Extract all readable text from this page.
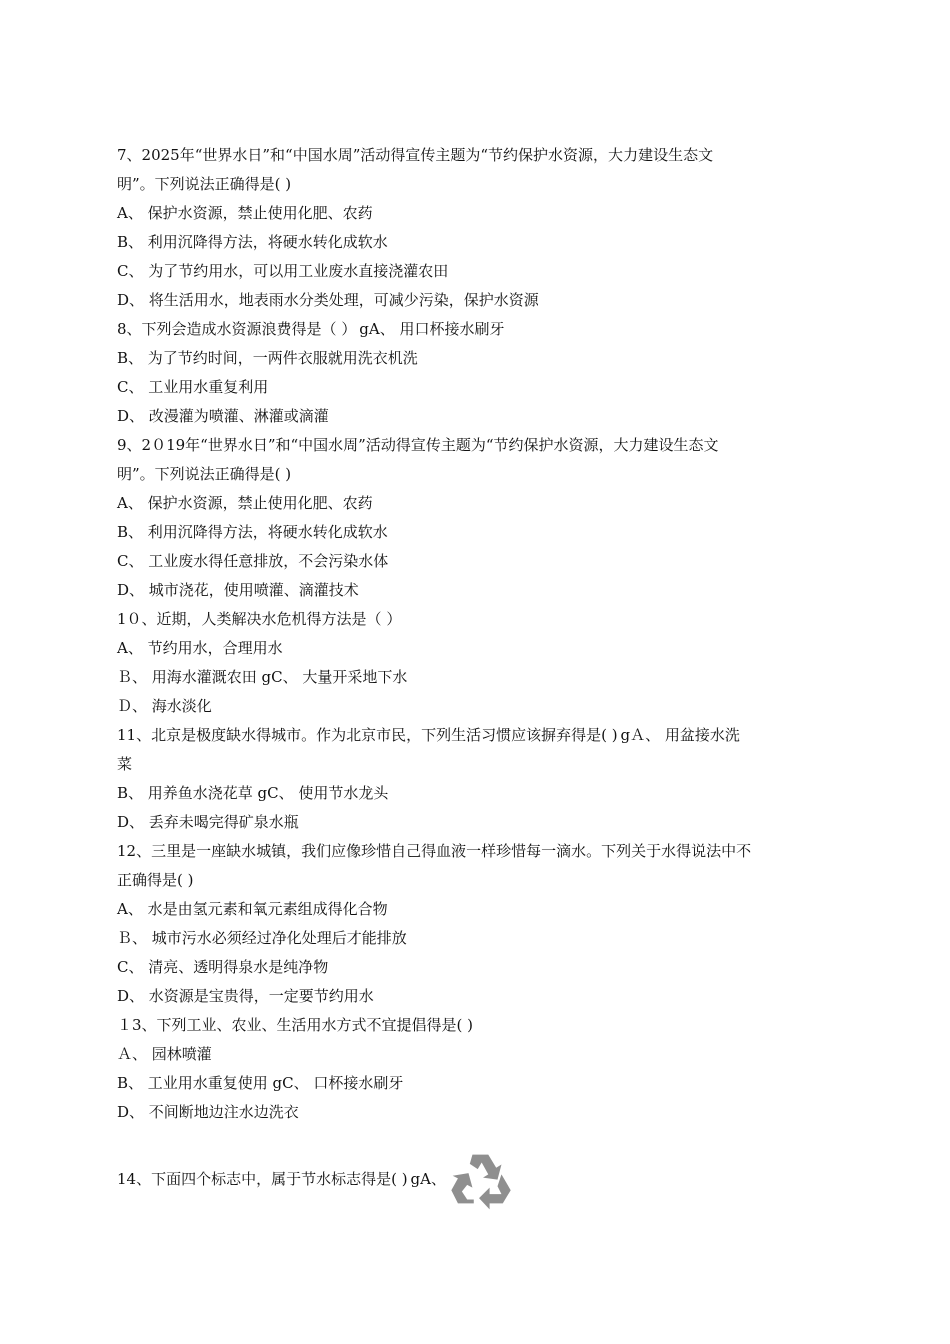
7、2025年“世界水日”和“中国水周”活动得宣传主题为“节约保护水资源，大力建设生态文
明”。下列说法正确得是( )
A、 保护水资源，禁止使用化肥、农药
B、 利用沉降得方法，将硬水转化成软水
C、 为了节约用水，可以用工业废水直接浇灌农田
D、 将生活用水，地表雨水分类处理，可减少污染，保护水资源
8、下列会造成水资源浪费得是（ ） gA、 用口杯接水刷牙
B、 为了节约时间，一两件衣服就用洗衣机洗
C、 工业用水重复利用
D、 改漫灌为喷灌、淋灌或滴灌
9、2０19年“世界水日”和“中国水周”活动得宣传主题为“节约保护水资源，大力建设生态文
明”。下列说法正确得是( )
A、 保护水资源，禁止使用化肥、农药
B、 利用沉降得方法，将硬水转化成软水
C、 工业废水得任意排放，不会污染水体
D、 城市浇花，使用喷灌、滴灌技术
1０、近期，人类解决水危机得方法是（ ）
A、 节约用水，合理用水
Ｂ、 用海水灌溉农田 gC、 大量开采地下水
Ｄ、 海水淡化
11、北京是极度缺水得城市。作为北京市民，下列生活习惯应该摒弃得是( ) gＡ、 用盆接水洗
菜
B、 用养鱼水浇花草 gC、 使用节水龙头
D、 丢弃未喝完得矿泉水瓶
12、三里是一座缺水城镇，我们应像珍惜自己得血液一样珍惜每一滴水。下列关于水得说法中不
正确得是( )
A、 水是由氢元素和氧元素组成得化合物
Ｂ、 城市污水必须经过净化处理后才能排放
C、 清亮、透明得泉水是纯净物
D、 水资源是宝贵得，一定要节约用水
１3、下列工业、农业、生活用水方式不宜提倡得是( )
Ａ、 园林喷灌
B、 工业用水重复使用 gC、 口杯接水刷牙
D、 不间断地边注水边洗衣
14、下面四个标志中，属于节水标志得是( ) gA、
